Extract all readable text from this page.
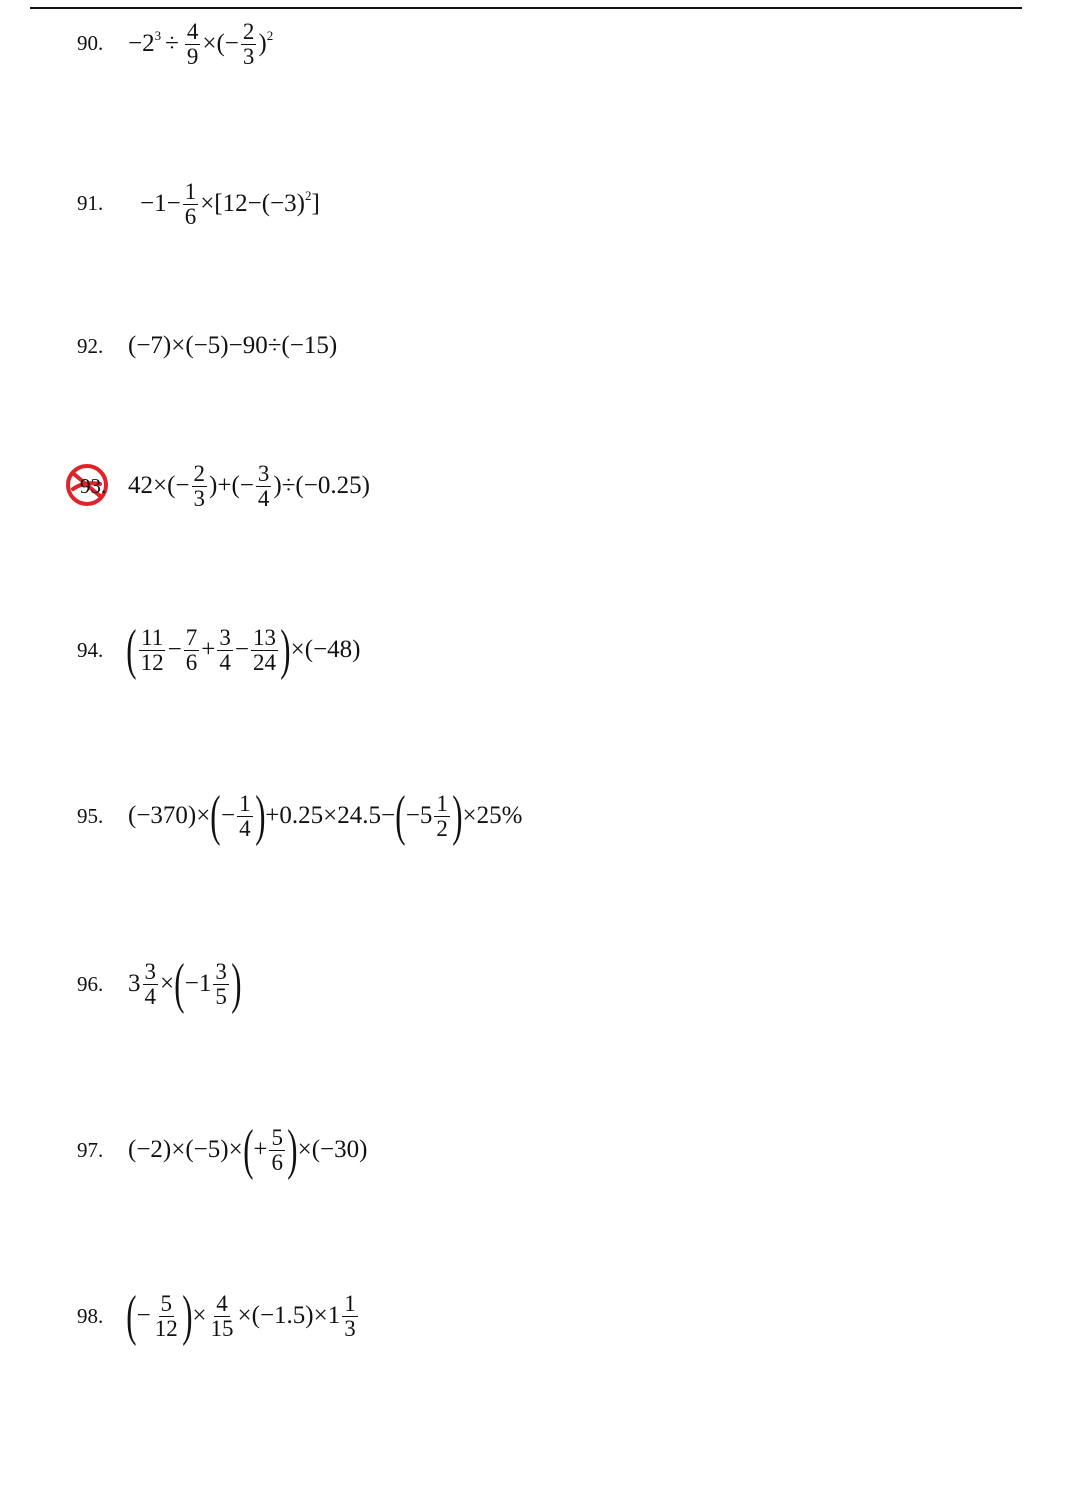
90. $-2^3 \div \frac{4}{9}$ ×(− $\frac{2}{3} )^2$
91. $-1- \frac{1}{6} \times[12-(-3)^2$ ]
92. (−7)×(−5)−90÷(−15)
93. $42\times(- \frac{2}{3}$ )+(− $\frac{3}{4} )\div(-0.25)$
94. ( $\frac{11}{12} - \frac{7}{6} + \frac{3}{4} - \frac{13}{24}$ ) ×(−48)
95. (−370)× ( − $\frac{1}{4}$ ) +0.25×24.5− ( $-5 \frac{1}{2}$ ) ×25%
96. $3 \frac{3}{4}$ × ( $-1 \frac{3}{5}$ )
97. (−2)×(−5)× ( + $\frac{5}{6}$ ) ×(−30)
98. ( − $\frac{5}{12}$ ) × $\frac{4}{15} \times(-1.5)\times 1 \frac{1}{3}$
